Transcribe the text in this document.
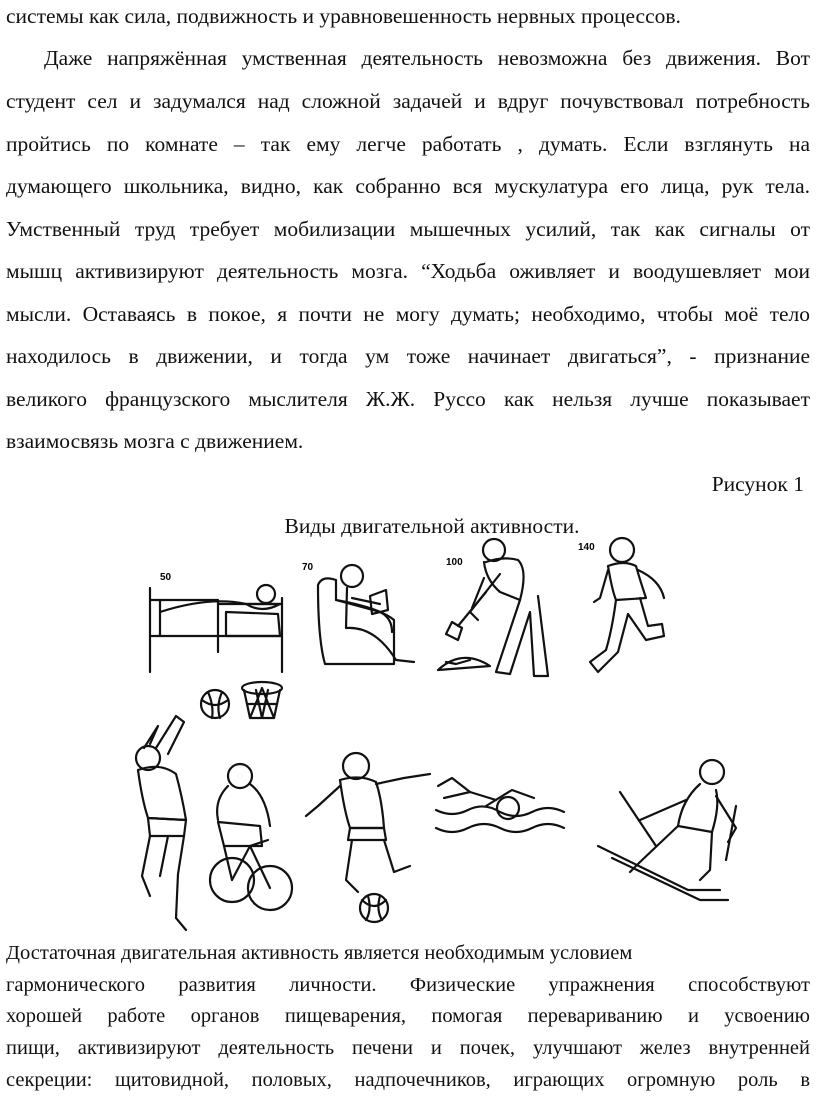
системы как сила, подвижность и уравновешенность нервных процессов.
Даже напряжённая умственная деятельность невозможна без движения. Вот
студент сел и задумался над сложной задачей и вдруг почувствовал потребность
пройтись по комнате – так ему легче работать , думать. Если взглянуть на
думающего школьника, видно, как собранно вся мускулатура его лица, рук тела.
Умственный труд требует мобилизации мышечных усилий, так как сигналы от
мышц активизируют деятельность мозга. “Ходьба оживляет и воодушевляет мои
мысли. Оставаясь в покое, я почти не могу думать; необходимо, чтобы моё тело
находилось в движении, и тогда ум тоже начинает двигаться”, - признание
великого французского мыслителя Ж.Ж. Руссо как нельзя лучше показывает
взаимосвязь мозга с движением.
Рисунок 1
Виды двигательной активности.
50
70	100
140
Достаточная двигательная активность является необходимым условием
гармонического развития личности. Физические упражнения способствуют
хорошей работе органов пищеварения, помогая перевариванию и усвоению
пищи, активизируют деятельность печени и почек, улучшают желез внутренней
секреции: щитовидной, половых, надпочечников, играющих огромную роль в
